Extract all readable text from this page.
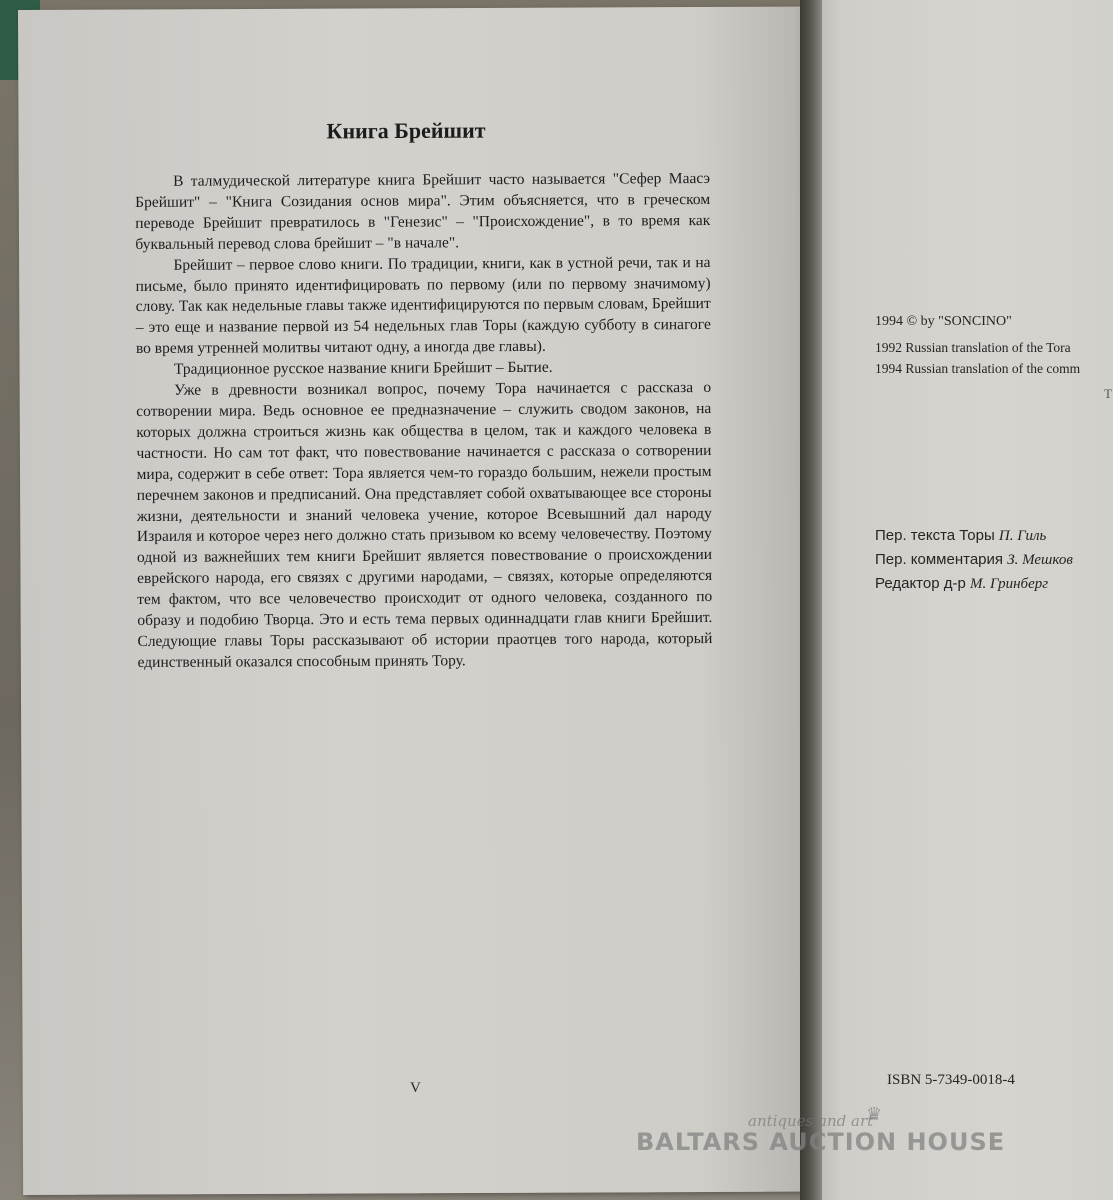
Книга Брейшит

В талмудической литературе книга Брейшит часто называется "Сефер Маасэ Брейшит" – "Книга Созидания основ мира". Этим объясняется, что в греческом переводе Брейшит превратилось в "Генезис" – "Происхождение", в то время как буквальный перевод слова брейшит – "в начале".

Брейшит – первое слово книги. По традиции, книги, как в устной речи, так и на письме, было принято идентифицировать по первому (или по первому значимому) слову. Так как недельные главы также идентифицируются по первым словам, Брейшит – это еще и название первой из 54 недельных глав Торы (каждую субботу в синагоге во время утренней молитвы читают одну, а иногда две главы).

Традиционное русское название книги Брейшит – Бытие.

Уже в древности возникал вопрос, почему Тора начинается с рассказа о сотворении мира. Ведь основное ее предназначение – служить сводом законов, на которых должна строиться жизнь как общества в целом, так и каждого человека в частности. Но сам тот факт, что повествование начинается с рассказа о сотворении мира, содержит в себе ответ: Тора является чем-то гораздо большим, нежели простым перечнем законов и предписаний. Она представляет собой охватывающее все стороны жизни, деятельности и знаний человека учение, которое Всевышний дал народу Израиля и которое через него должно стать призывом ко всему человечеству. Поэтому одной из важнейших тем книги Брейшит является повествование о происхождении еврейского народа, его связях с другими народами, – связях, которые определяются тем фактом, что все человечество происходит от одного человека, созданного по образу и подобию Творца. Это и есть тема первых одиннадцати глав книги Брейшит. Следующие главы Торы рассказывают об истории праотцев того народа, который единственный оказался способным принять Тору.

V
1994 © by "SONCINO"
1992 Russian translation of the Tora
1994 Russian translation of the comm
T
Пер. текста Торы П. Гиль
Пер. комментария З. Мешков
Редактор д-р М. Гринберг
ISBN 5-7349-0018-4
♛
antiques and art
BALTARS AUCTION HOUSE
